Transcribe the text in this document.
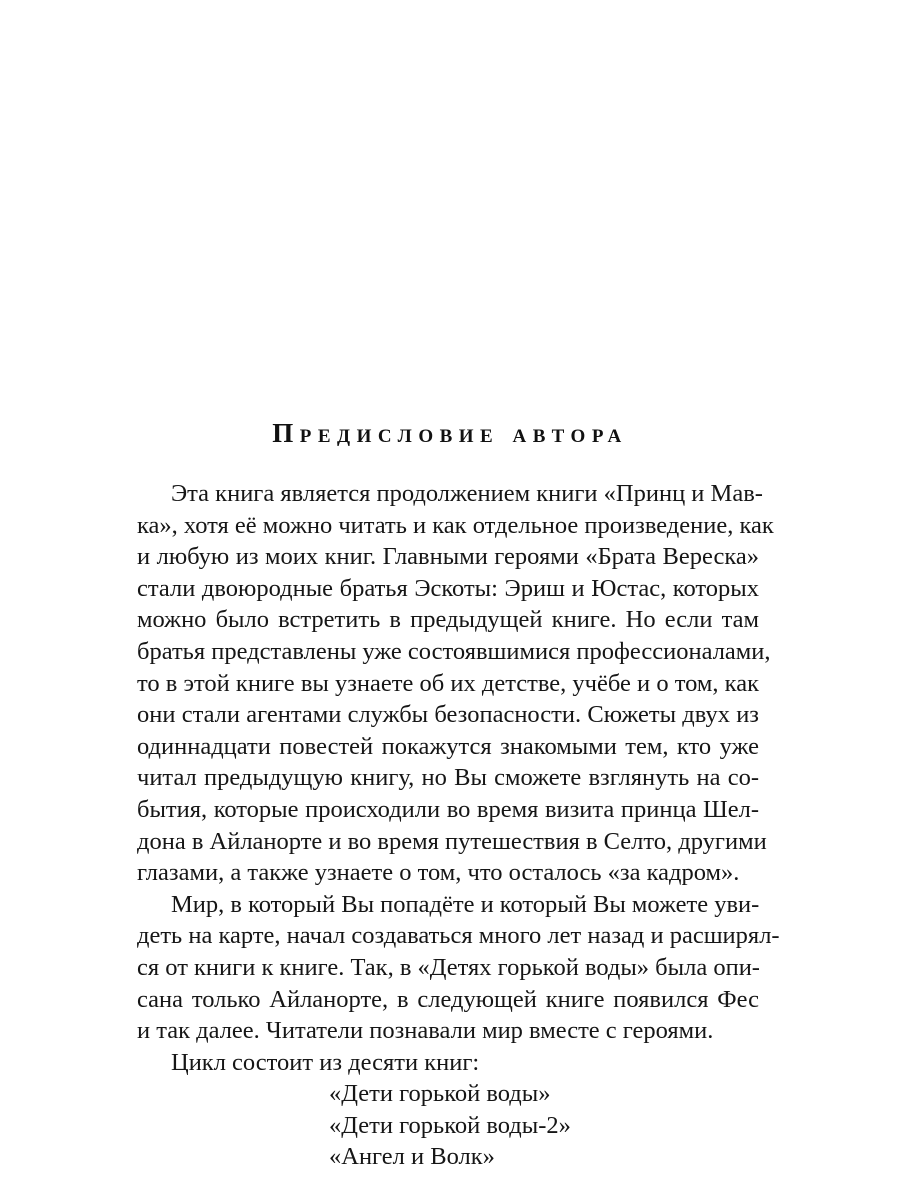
Предисловие автора
Эта книга является продолжением книги «Принц и Мав-
ка», хотя её можно читать и как отдельное произведение, как
и любую из моих книг. Главными героями «Брата Вереска»
стали двоюродные братья Эскоты: Эриш и Юстас, которых
можно было встретить в предыдущей книге. Но если там
братья представлены уже состоявшимися профессионалами,
то в этой книге вы узнаете об их детстве, учёбе и о том, как
они стали агентами службы безопасности. Сюжеты двух из
одиннадцати повестей покажутся знакомыми тем, кто уже
читал предыдущую книгу, но Вы сможете взглянуть на со-
бытия, которые происходили во время визита принца Шел-
дона в Айланорте и во время путешествия в Селто, другими
глазами, а также узнаете о том, что осталось «за кадром».
Мир, в который Вы попадёте и который Вы можете уви-
деть на карте, начал создаваться много лет назад и расширял-
ся от книги к книге. Так, в «Детях горькой воды» была опи-
сана только Айланорте, в следующей книге появился Фес
и так далее. Читатели познавали мир вместе с героями.
Цикл состоит из десяти книг:
«Дети горькой воды»
«Дети горькой воды-2»
«Ангел и Волк»
